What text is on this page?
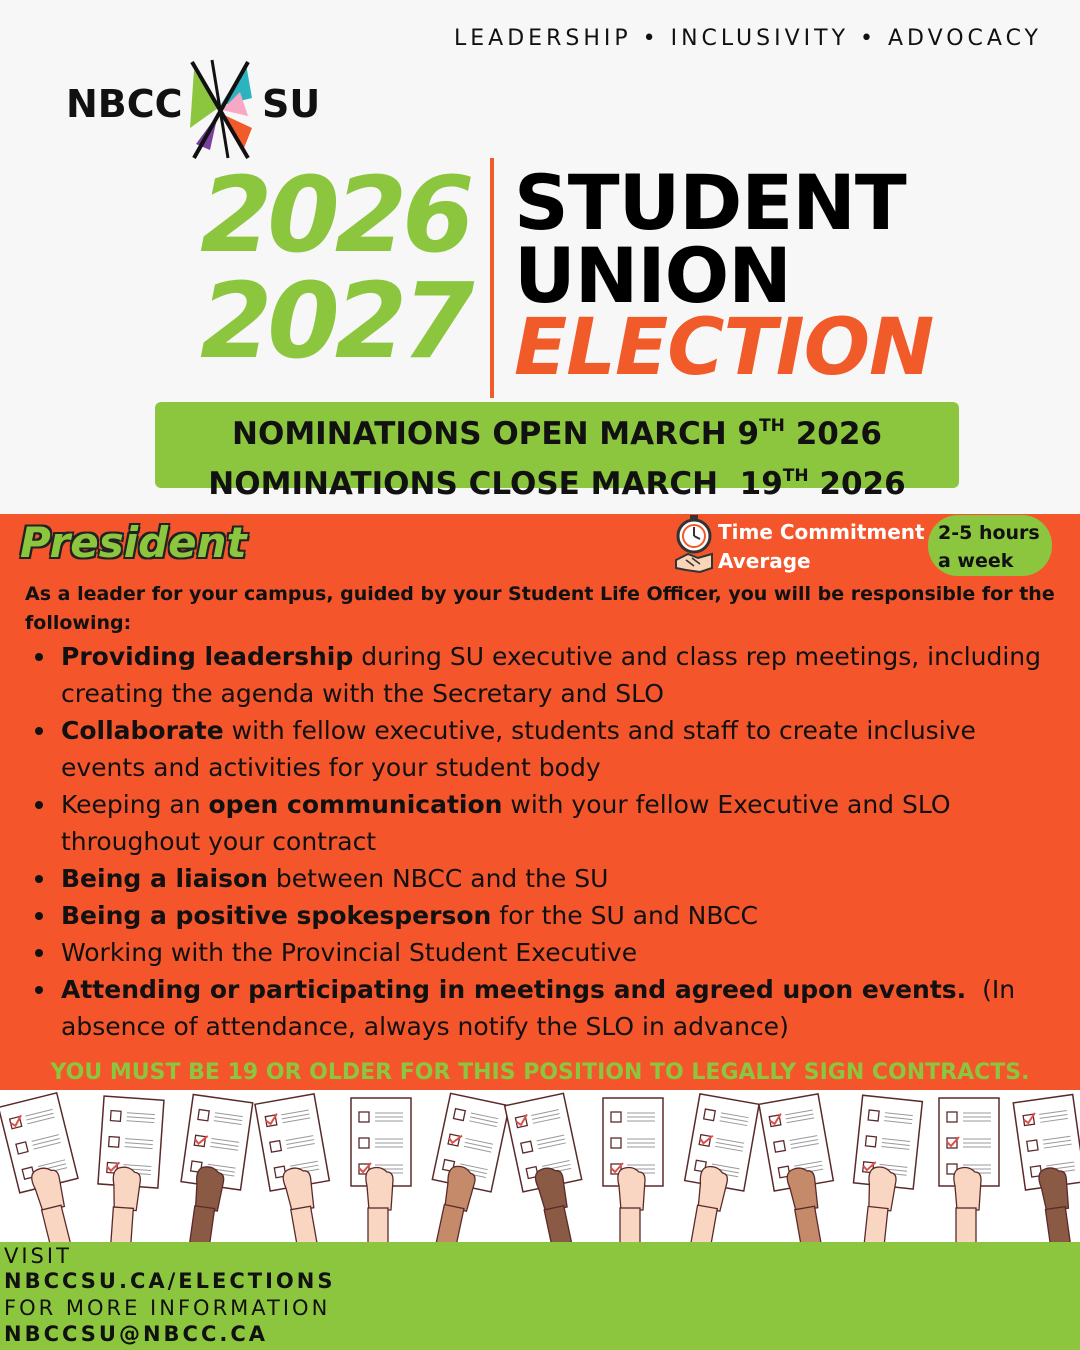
LEADERSHIP • INCLUSIVITY • ADVOCACY
NBCC SU
2026
2027
STUDENT
UNION
ELECTION
NOMINATIONS OPEN MARCH 9TH 2026
NOMINATIONS CLOSE MARCH  19TH 2026
President	Time Commitment
Average
2-5 hours
a week
As a leader for your campus, guided by your Student Life Officer, you will be responsible for the following:
Providing leadership during SU executive and class rep meetings, including creating the agenda with the Secretary and SLO
Collaborate with fellow executive, students and staff to create inclusive events and activities for your student body
Keeping an open communication with your fellow Executive and SLO throughout your contract
Being a liaison between NBCC and the SU
Being a positive spokesperson for the SU and NBCC
Working with the Provincial Student Executive
Attending or participating in meetings and agreed upon events.  (In absence of attendance, always notify the SLO in advance)
YOU MUST BE 19 OR OLDER FOR THIS POSITION TO LEGALLY SIGN CONTRACTS.
VISIT
NBCCSU.CA/ELECTIONS
FOR MORE INFORMATION
NBCCSU@NBCC.CA
